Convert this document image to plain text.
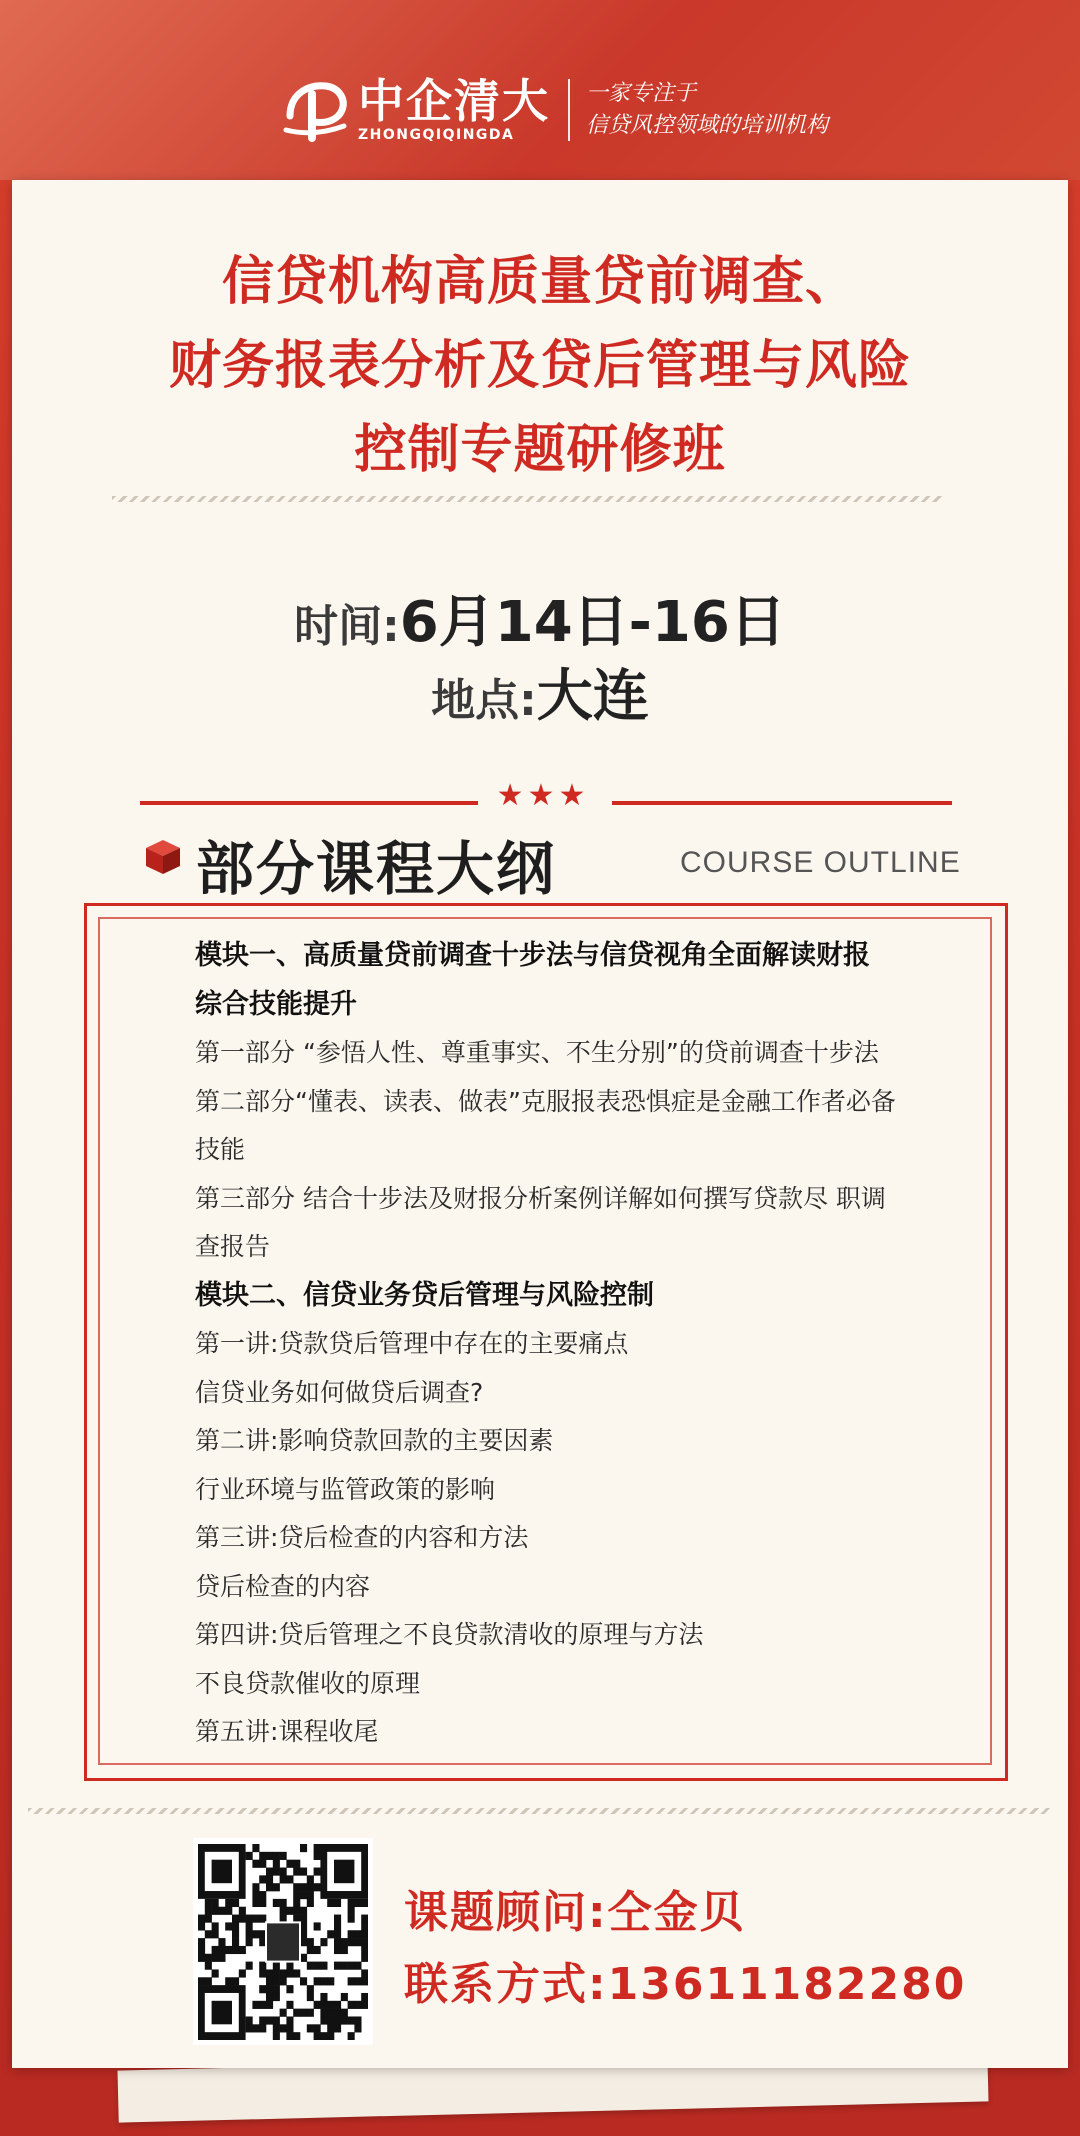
中企清大
ZHONGQIQINGDA
一家专注于
信贷风控领域的培训机构
信贷机构高质量贷前调查、
财务报表分析及贷后管理与风险
控制专题研修班
时间:6月14日-16日
地点:大连
★★★
部分课程大纲	COURSE OUTLINE
模块一、高质量贷前调查十步法与信贷视角全面解读财报
综合技能提升
第一部分 “参悟人性、尊重事实、不生分别”的贷前调查十步法
第二部分“懂表、读表、做表”克服报表恐惧症是金融工作者必备
技能
第三部分 结合十步法及财报分析案例详解如何撰写贷款尽 职调
查报告
模块二、信贷业务贷后管理与风险控制
第一讲:贷款贷后管理中存在的主要痛点
信贷业务如何做贷后调查?
第二讲:影响贷款回款的主要因素
行业环境与监管政策的影响
第三讲:贷后检查的内容和方法
贷后检查的内容
第四讲:贷后管理之不良贷款清收的原理与方法
不良贷款催收的原理
第五讲:课程收尾
课题顾问:仝金贝
联系方式:13611182280
